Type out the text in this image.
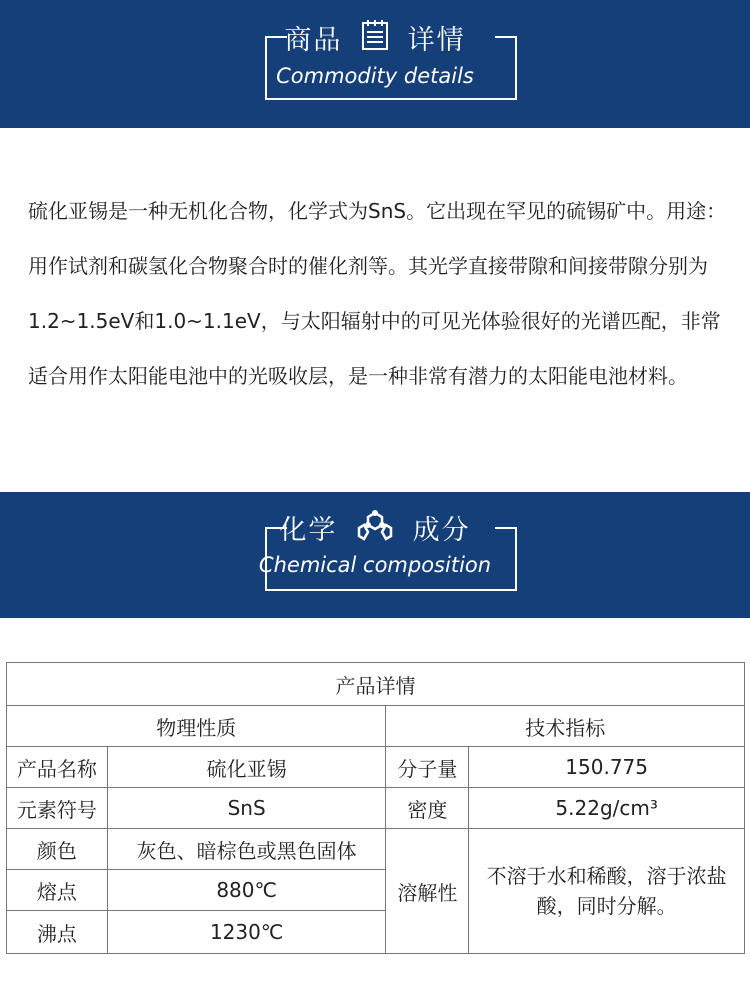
商品 详情
Commodity details
硫化亚锡是一种无机化合物，化学式为SnS。它出现在罕见的硫锡矿中。用途：用作试剂和碳氢化合物聚合时的催化剂等。其光学直接带隙和间接带隙分别为1.2~1.5eV和1.0~1.1eV，与太阳辐射中的可见光体验很好的光谱匹配，非常适合用作太阳能电池中的光吸收层，是一种非常有潜力的太阳能电池材料。
化学	成分
Chemical composition
产品详情			
物理性质		技术指标	
产品名称	硫化亚锡	分子量	150.775
元素符号	SnS	密度	5.22g/cm³
颜色	灰色、暗棕色或黑色固体	溶解性	不溶于水和稀酸，溶于浓盐酸，同时分解。
熔点	880℃		
沸点	1230℃		
